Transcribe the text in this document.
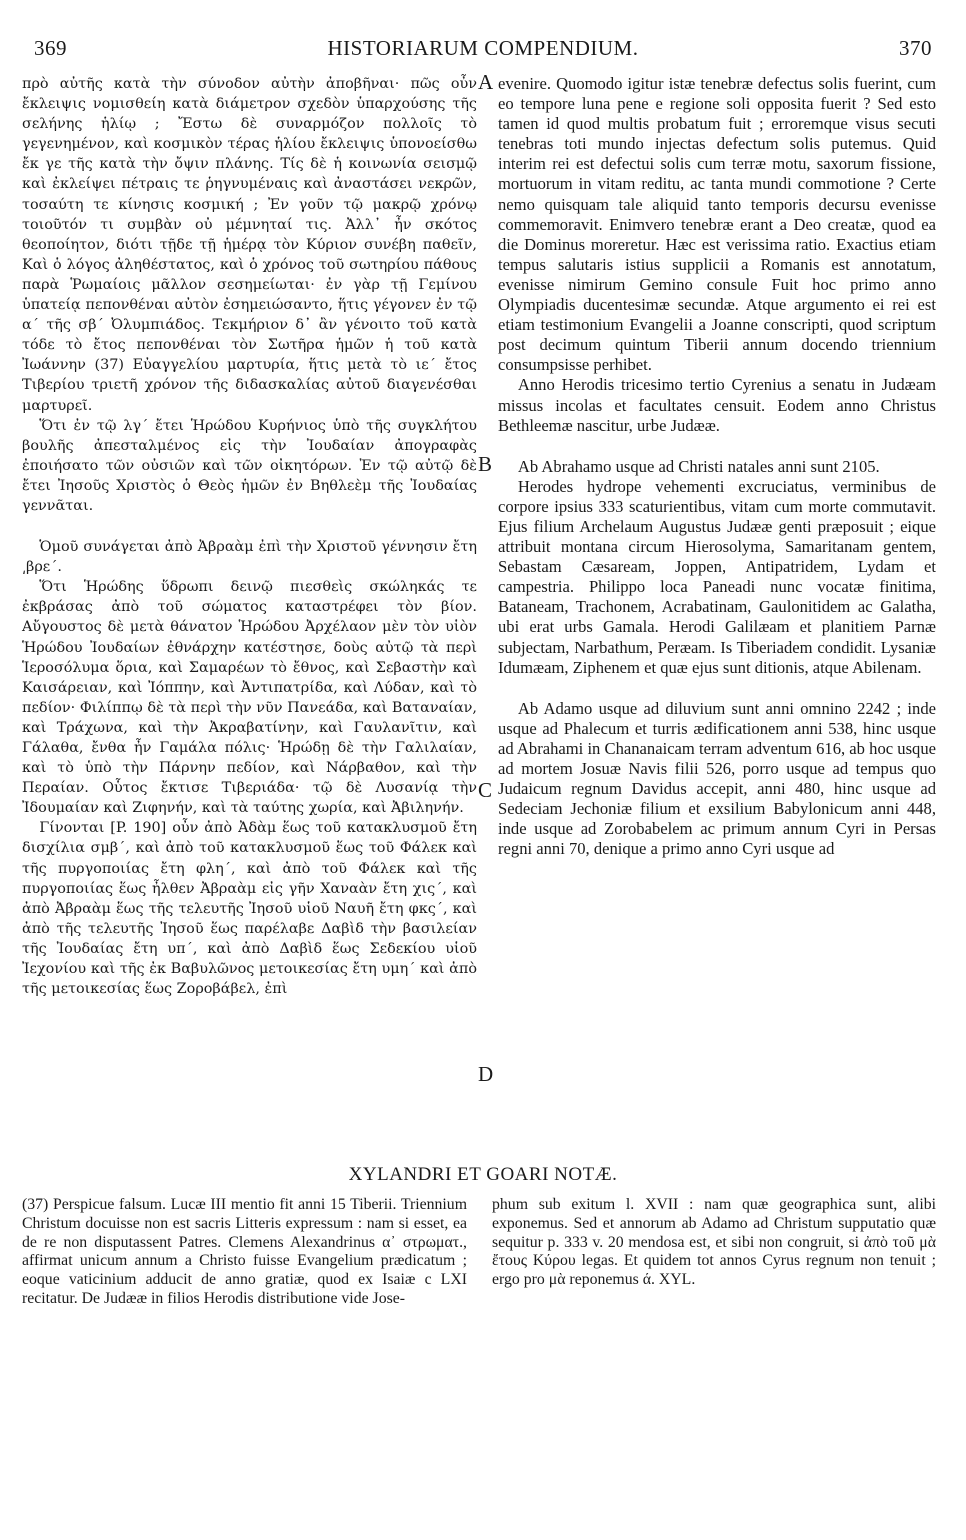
369	HISTORIARUM COMPENDIUM.	370

πρὸ αὐτῆς κατὰ τὴν σύνοδον αὐτὴν ἀποβῆναι· πῶς οὖν ἔκλειψις νομισθείη κατὰ διάμετρον σχεδὸν ὑπαρχούσης τῆς σελήνης ἡλίῳ ; Ἔστω δὲ συναρμόζον πολλοῖς τὸ γεγενημένον, καὶ κοσμικὸν τέρας ἡλίου ἔκλειψις ὑπονοείσθω ἔκ γε τῆς κατὰ τὴν ὄψιν πλάνης. Τίς δὲ ἡ κοινωνία σεισμῷ καὶ ἐκλείψει πέτραις τε ῥηγνυμέναις καὶ ἀναστάσει νεκρῶν, τοσαύτη τε κίνησις κοσμική ; Ἐν γοῦν τῷ μακρῷ χρόνῳ τοιοῦτόν τι συμβὰν οὐ μέμνηταί τις. Ἀλλ᾽ ἦν σκότος θεοποίητον, διότι τῇδε τῇ ἡμέρᾳ τὸν Κύριον συνέβη παθεῖν, Καὶ ὁ λόγος ἀληθέστατος, καὶ ὁ χρόνος τοῦ σωτηρίου πάθους παρὰ Ῥωμαίοις μᾶλλον σεσημείωται· ἐν γὰρ τῇ Γεμίνου ὑπατείᾳ πεπονθέναι αὐτὸν ἐσημειώσαντο, ἥτις γέγονεν ἐν τῷ α΄ τῆς σβ΄ Ὀλυμπιάδος. Τεκμήριον δ᾽ ἂν γένοιτο τοῦ κατὰ τόδε τὸ ἔτος πεπονθέναι τὸν Σωτῆρα ἡμῶν ἡ τοῦ κατὰ Ἰωάννην (37) Εὐαγγελίου μαρτυρία, ἥτις μετὰ τὸ ιε΄ ἔτος Τιβερίου τριετῆ χρόνον τῆς διδασκαλίας αὐτοῦ διαγενέσθαι μαρτυρεῖ.

Ὅτι ἐν τῷ λγ΄ ἔτει Ἡρώδου Κυρήνιος ὑπὸ τῆς συγκλήτου βουλῆς ἀπεσταλμένος εἰς τὴν Ἰουδαίαν ἀπογραφὰς ἐποιήσατο τῶν οὐσιῶν καὶ τῶν οἰκητόρων. Ἐν τῷ αὐτῷ δὲ ἔτει Ἰησοῦς Χριστὸς ὁ Θεὸς ἡμῶν ἐν Βηθλεὲμ τῆς Ἰουδαίας γεννᾶται.

Ὁμοῦ συνάγεται ἀπὸ Ἀβραὰμ ἐπὶ τὴν Χριστοῦ γέννησιν ἔτη ͵βρε΄.

Ὅτι Ἡρώδης ὕδρωπι δεινῷ πιεσθεὶς σκώληκάς τε ἐκβράσας ἀπὸ τοῦ σώματος καταστρέφει τὸν βίον. Αὔγουστος δὲ μετὰ θάνατον Ἡρώδου Ἀρχέλαον μὲν τὸν υἱὸν Ἡρώδου Ἰουδαίων ἐθνάρχην κατέστησε, δοὺς αὐτῷ τὰ περὶ Ἱεροσόλυμα ὅρια, καὶ Σαμαρέων τὸ ἔθνος, καὶ Σεβαστὴν καὶ Καισάρειαν, καὶ Ἰόππην, καὶ Ἀντιπατρίδα, καὶ Λύδαν, καὶ τὸ πεδίον· Φιλίππῳ δὲ τὰ περὶ τὴν νῦν Πανεάδα, καὶ Βαταναίαν, καὶ Τράχωνα, καὶ τὴν Ἀκραβατίνην, καὶ Γαυλανῖτιν, καὶ Γάλαθα, ἔνθα ἦν Γαμάλα πόλις· Ἡρώδῃ δὲ τὴν Γαλιλαίαν, καὶ τὸ ὑπὸ τὴν Πάρνην πεδίον, καὶ Νάρβαθον, καὶ τὴν Περαίαν. Οὗτος ἔκτισε Τιβεριάδα· τῷ δὲ Λυσανίᾳ τὴν Ἰδουμαίαν καὶ Ζιφηνήν, καὶ τὰ ταύτης χωρία, καὶ Ἀβιληνήν.

Γίνονται [P. 190] οὖν ἀπὸ Ἀδὰμ ἕως τοῦ κατακλυσμοῦ ἔτη δισχίλια σμβ΄, καὶ ἀπὸ τοῦ κατακλυσμοῦ ἕως τοῦ Φάλεκ καὶ τῆς πυργοποιίας ἔτη φλη΄, καὶ ἀπὸ τοῦ Φάλεκ καὶ τῆς πυργοποιίας ἕως ἦλθεν Ἀβραὰμ εἰς γῆν Χαναὰν ἔτη χις΄, καὶ ἀπὸ Ἀβραὰμ ἕως τῆς τελευτῆς Ἰησοῦ υἱοῦ Ναυῆ ἔτη φκς΄, καὶ ἀπὸ τῆς τελευτῆς Ἰησοῦ ἕως παρέλαβε Δαβὶδ τὴν βασιλείαν τῆς Ἰουδαίας ἔτη υπ΄, καὶ ἀπὸ Δαβὶδ ἕως Σεδεκίου υἱοῦ Ἰεχονίου καὶ τῆς ἐκ Βαβυλῶνος μετοικεσίας ἔτη υμη΄ καὶ ἀπὸ τῆς μετοικεσίας ἕως Ζοροβάβελ, ἐπὶ

A
B
C
D

evenire. Quomodo igitur istæ tenebræ defectus solis fuerint, cum eo tempore luna pene e regione soli opposita fuerit ? Sed esto tamen id quod multis probatum fuit ; erroremque visus secuti tenebras toti mundo injectas defectum solis putemus. Quid interim rei est defectui solis cum terræ motu, saxorum fissione, mortuorum in vitam reditu, ac tanta mundi commotione ? Certe nemo quisquam tale aliquid tanto temporis decursu evenisse commemoravit. Enimvero tenebræ erant a Deo creatæ, quod ea die Dominus moreretur. Hæc est verissima ratio. Exactius etiam tempus salutaris istius supplicii a Romanis est annotatum, evenisse nimirum Gemino consule Fuit hoc primo anno Olympiadis ducentesimæ secundæ. Atque argumento ei rei est etiam testimonium Evangelii a Joanne conscripti, quod scriptum post decimum quintum Tiberii annum docendo triennium consumpsisse perhibet.

Anno Herodis tricesimo tertio Cyrenius a senatu in Judæam missus incolas et facultates censuit. Eodem anno Christus Bethleemæ nascitur, urbe Judææ.

Ab Abrahamo usque ad Christi natales anni sunt 2105.

Herodes hydrope vehementi excruciatus, verminibus de corpore ipsius 333 scaturientibus, vitam cum morte commutavit. Ejus filium Archelaum Augustus Judææ genti præposuit ; eique attribuit montana circum Hierosolyma, Samaritanam gentem, Sebastam Cæsaream, Joppen, Antipatridem, Lydam et campestria. Philippo loca Paneadi nunc vocatæ finitima, Bataneam, Trachonem, Acrabatinam, Gaulonitidem ac Galatha, ubi erat urbs Gamala. Herodi Galilæam et planitiem Parnæ subjectam, Narbathum, Peræam. Is Tiberiadem condidit. Lysaniæ Idumæam, Ziphenem et quæ ejus sunt ditionis, atque Abilenam.

Ab Adamo usque ad diluvium sunt anni omnino 2242 ; inde usque ad Phalecum et turris ædificationem anni 538, hinc usque ad Abrahami in Chananaicam terram adventum 616, ab hoc usque ad mortem Josuæ Navis filii 526, porro usque ad tempus quo Judaicum regnum Davidus accepit, anni 480, hinc usque ad Sedeciam Jechoniæ filium et exsilium Babylonicum anni 448, inde usque ad Zorobabelem ac primum annum Cyri in Persas regni anni 70, denique a primo anno Cyri usque ad

XYLANDRI ET GOARI NOTÆ.

(37) Perspicue falsum. Lucæ III mentio fit anni 15 Tiberii. Triennium Christum docuisse non est sacris Litteris expressum : nam si esset, ea de re non disputassent Patres. Clemens Alexandrinus α᾽ στρωματ., affirmat unicum annum a Christo fuisse Evangelium prædicatum ; eoque vaticinium adducit de anno gratiæ, quod ex Isaiæ c LXI recitatur. De Judææ in filios Herodis distributione vide Jose-

phum sub exitum l. XVII : nam quæ geographica sunt, alibi exponemus. Sed et annorum ab Adamo ad Christum supputatio quæ sequitur p. 333 v. 20 mendosa est, et sibi non congruit, si ἀπὸ τοῦ μὰ ἔτους Κύρου legas. Et quidem tot annos Cyrus regnum non tenuit ; ergo pro μὰ reponemus ά. XYL.
